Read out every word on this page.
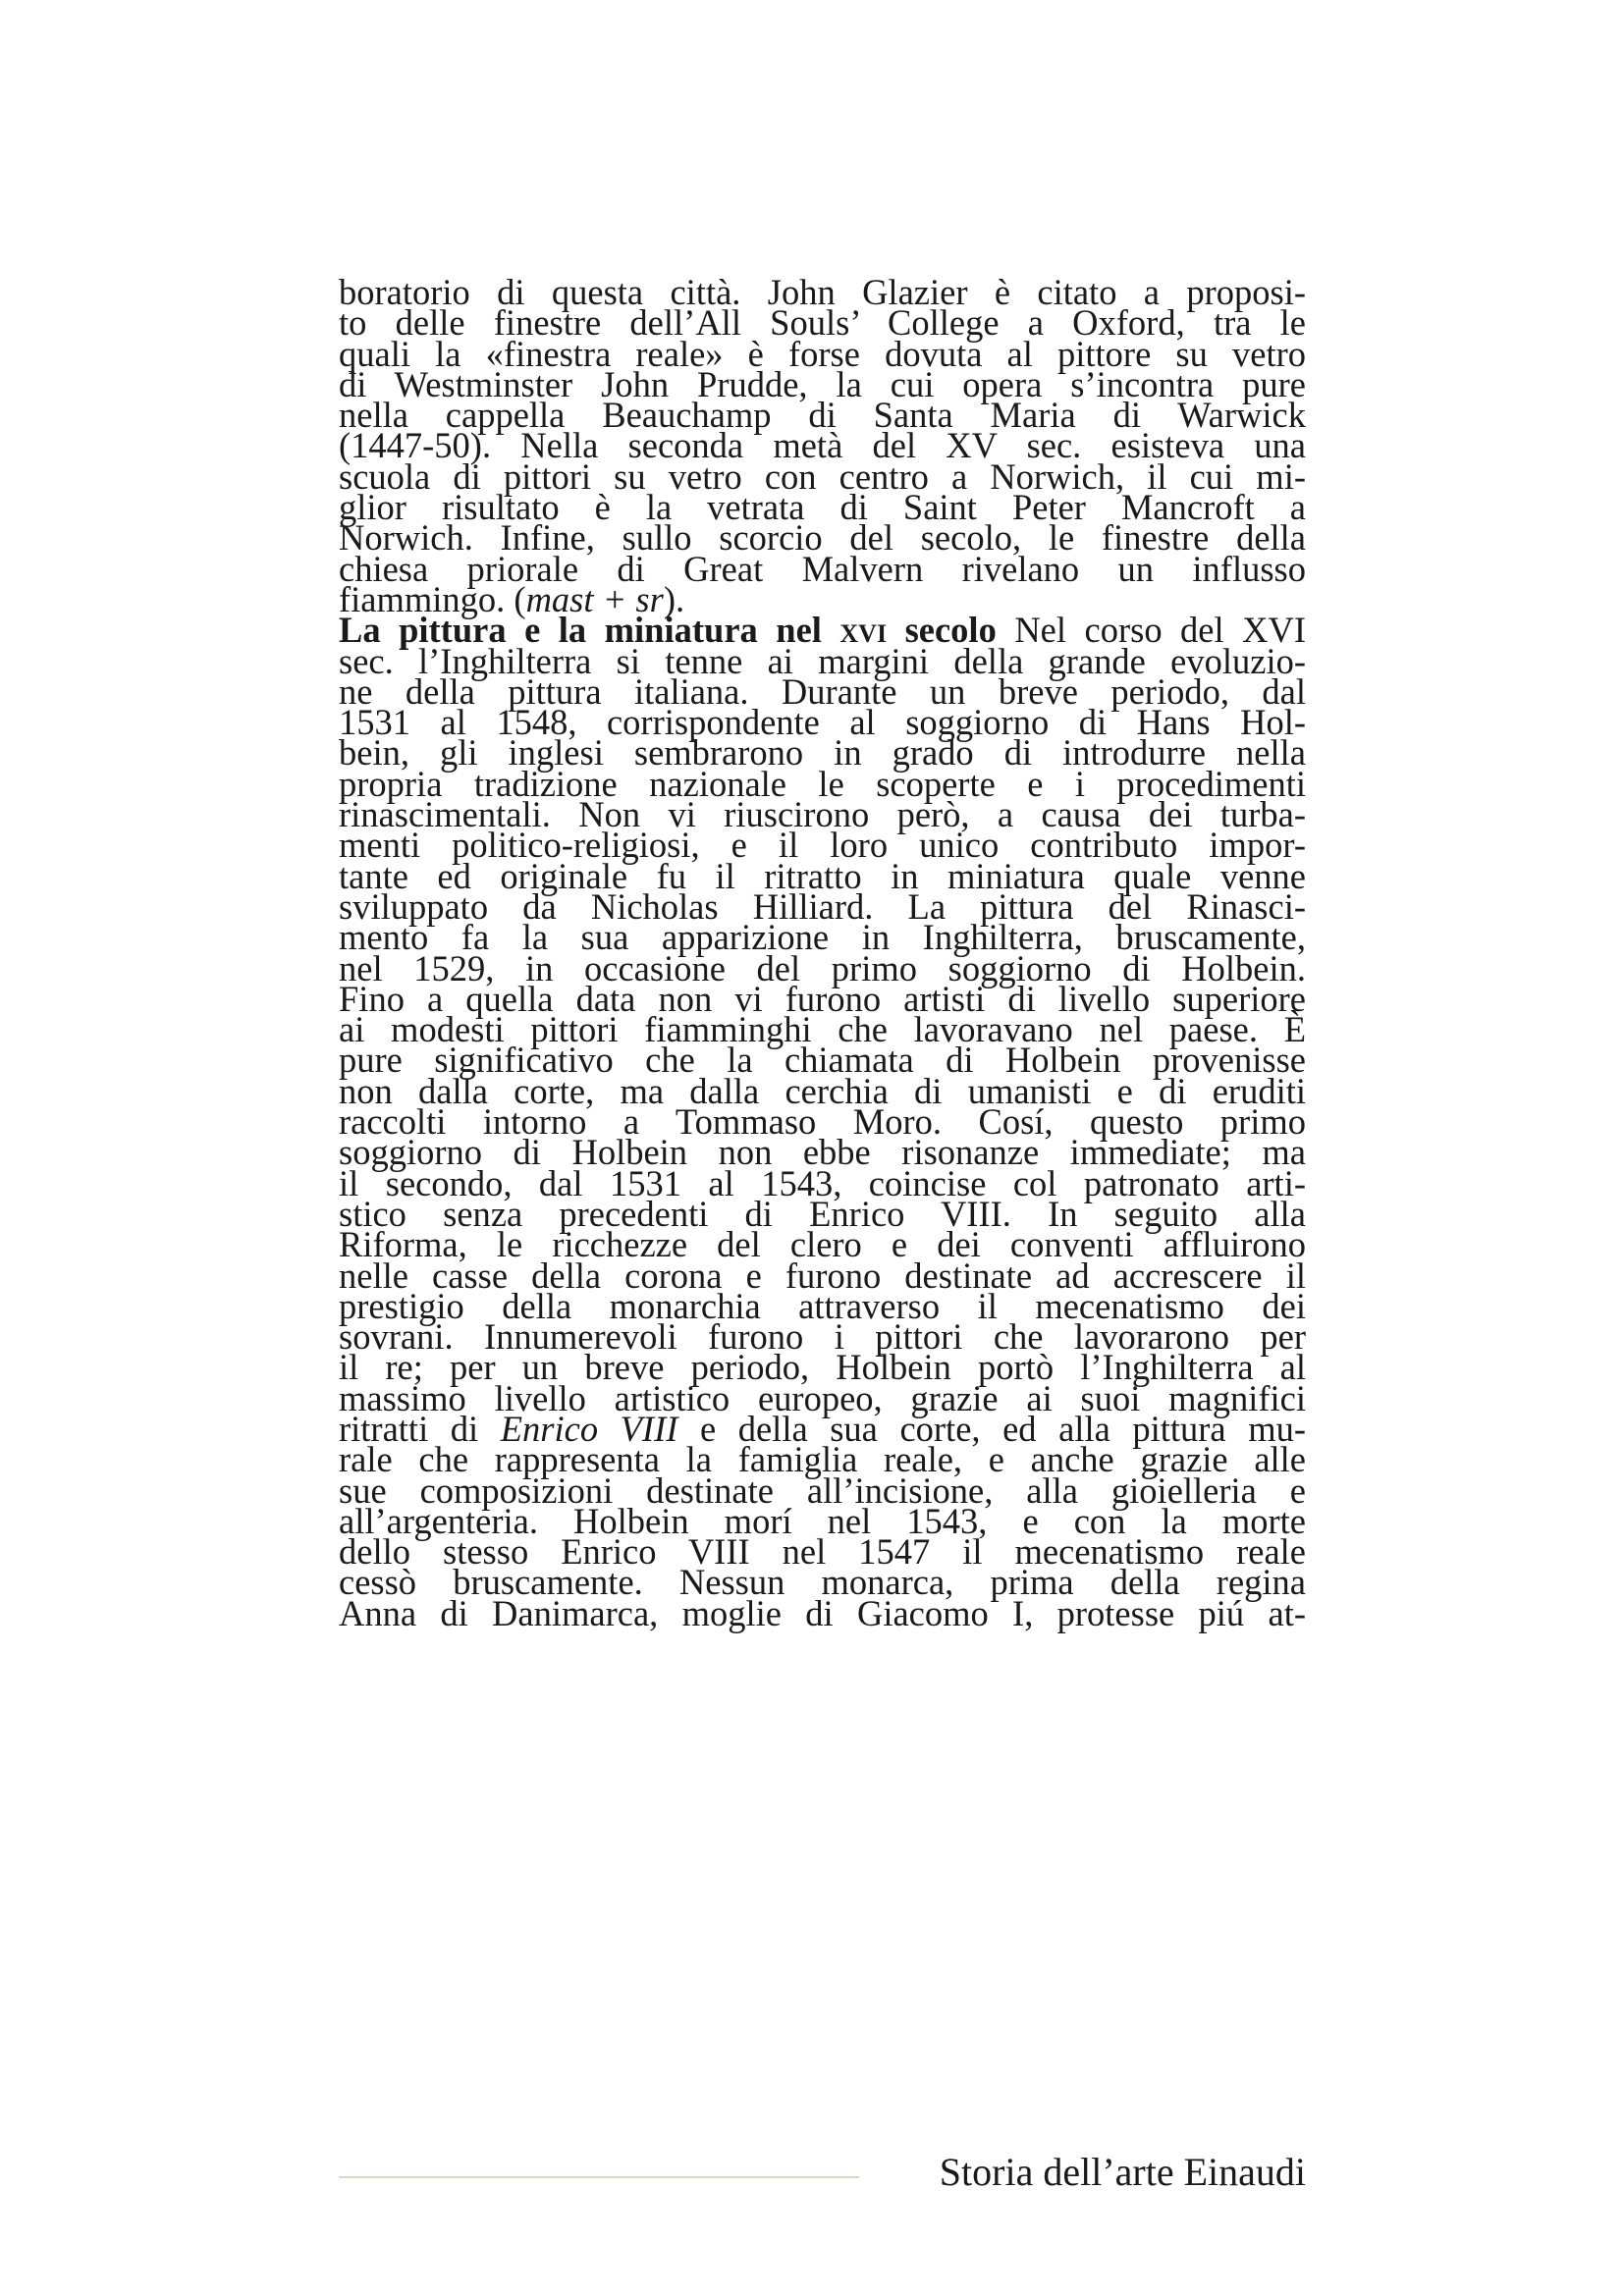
boratorio di questa città. John Glazier è citato a proposi-
to delle finestre dell’All Souls’ College a Oxford, tra le
quali la «finestra reale» è forse dovuta al pittore su vetro
di Westminster John Prudde, la cui opera s’incontra pure
nella cappella Beauchamp di Santa Maria di Warwick
(1447-50). Nella seconda metà del XV sec. esisteva una
scuola di pittori su vetro con centro a Norwich, il cui mi-
glior risultato è la vetrata di Saint Peter Mancroft a
Norwich. Infine, sullo scorcio del secolo, le finestre della
chiesa priorale di Great Malvern rivelano un influsso
fiammingo. (mast + sr).
La pittura e la miniatura nel xvi secolo Nel corso del XVI
sec. l’Inghilterra si tenne ai margini della grande evoluzio-
ne della pittura italiana. Durante un breve periodo, dal
1531 al 1548, corrispondente al soggiorno di Hans Hol-
bein, gli inglesi sembrarono in grado di introdurre nella
propria tradizione nazionale le scoperte e i procedimenti
rinascimentali. Non vi riuscirono però, a causa dei turba-
menti politico-religiosi, e il loro unico contributo impor-
tante ed originale fu il ritratto in miniatura quale venne
sviluppato da Nicholas Hilliard. La pittura del Rinasci-
mento fa la sua apparizione in Inghilterra, bruscamente,
nel 1529, in occasione del primo soggiorno di Holbein.
Fino a quella data non vi furono artisti di livello superiore
ai modesti pittori fiamminghi che lavoravano nel paese. È
pure significativo che la chiamata di Holbein provenisse
non dalla corte, ma dalla cerchia di umanisti e di eruditi
raccolti intorno a Tommaso Moro. Cosí, questo primo
soggiorno di Holbein non ebbe risonanze immediate; ma
il secondo, dal 1531 al 1543, coincise col patronato arti-
stico senza precedenti di Enrico VIII. In seguito alla
Riforma, le ricchezze del clero e dei conventi affluirono
nelle casse della corona e furono destinate ad accrescere il
prestigio della monarchia attraverso il mecenatismo dei
sovrani. Innumerevoli furono i pittori che lavorarono per
il re; per un breve periodo, Holbein portò l’Inghilterra al
massimo livello artistico europeo, grazie ai suoi magnifici
ritratti di Enrico VIII e della sua corte, ed alla pittura mu-
rale che rappresenta la famiglia reale, e anche grazie alle
sue composizioni destinate all’incisione, alla gioielleria e
all’argenteria. Holbein morí nel 1543, e con la morte
dello stesso Enrico VIII nel 1547 il mecenatismo reale
cessò bruscamente. Nessun monarca, prima della regina
Anna di Danimarca, moglie di Giacomo I, protesse piú at-
Storia dell’arte Einaudi
